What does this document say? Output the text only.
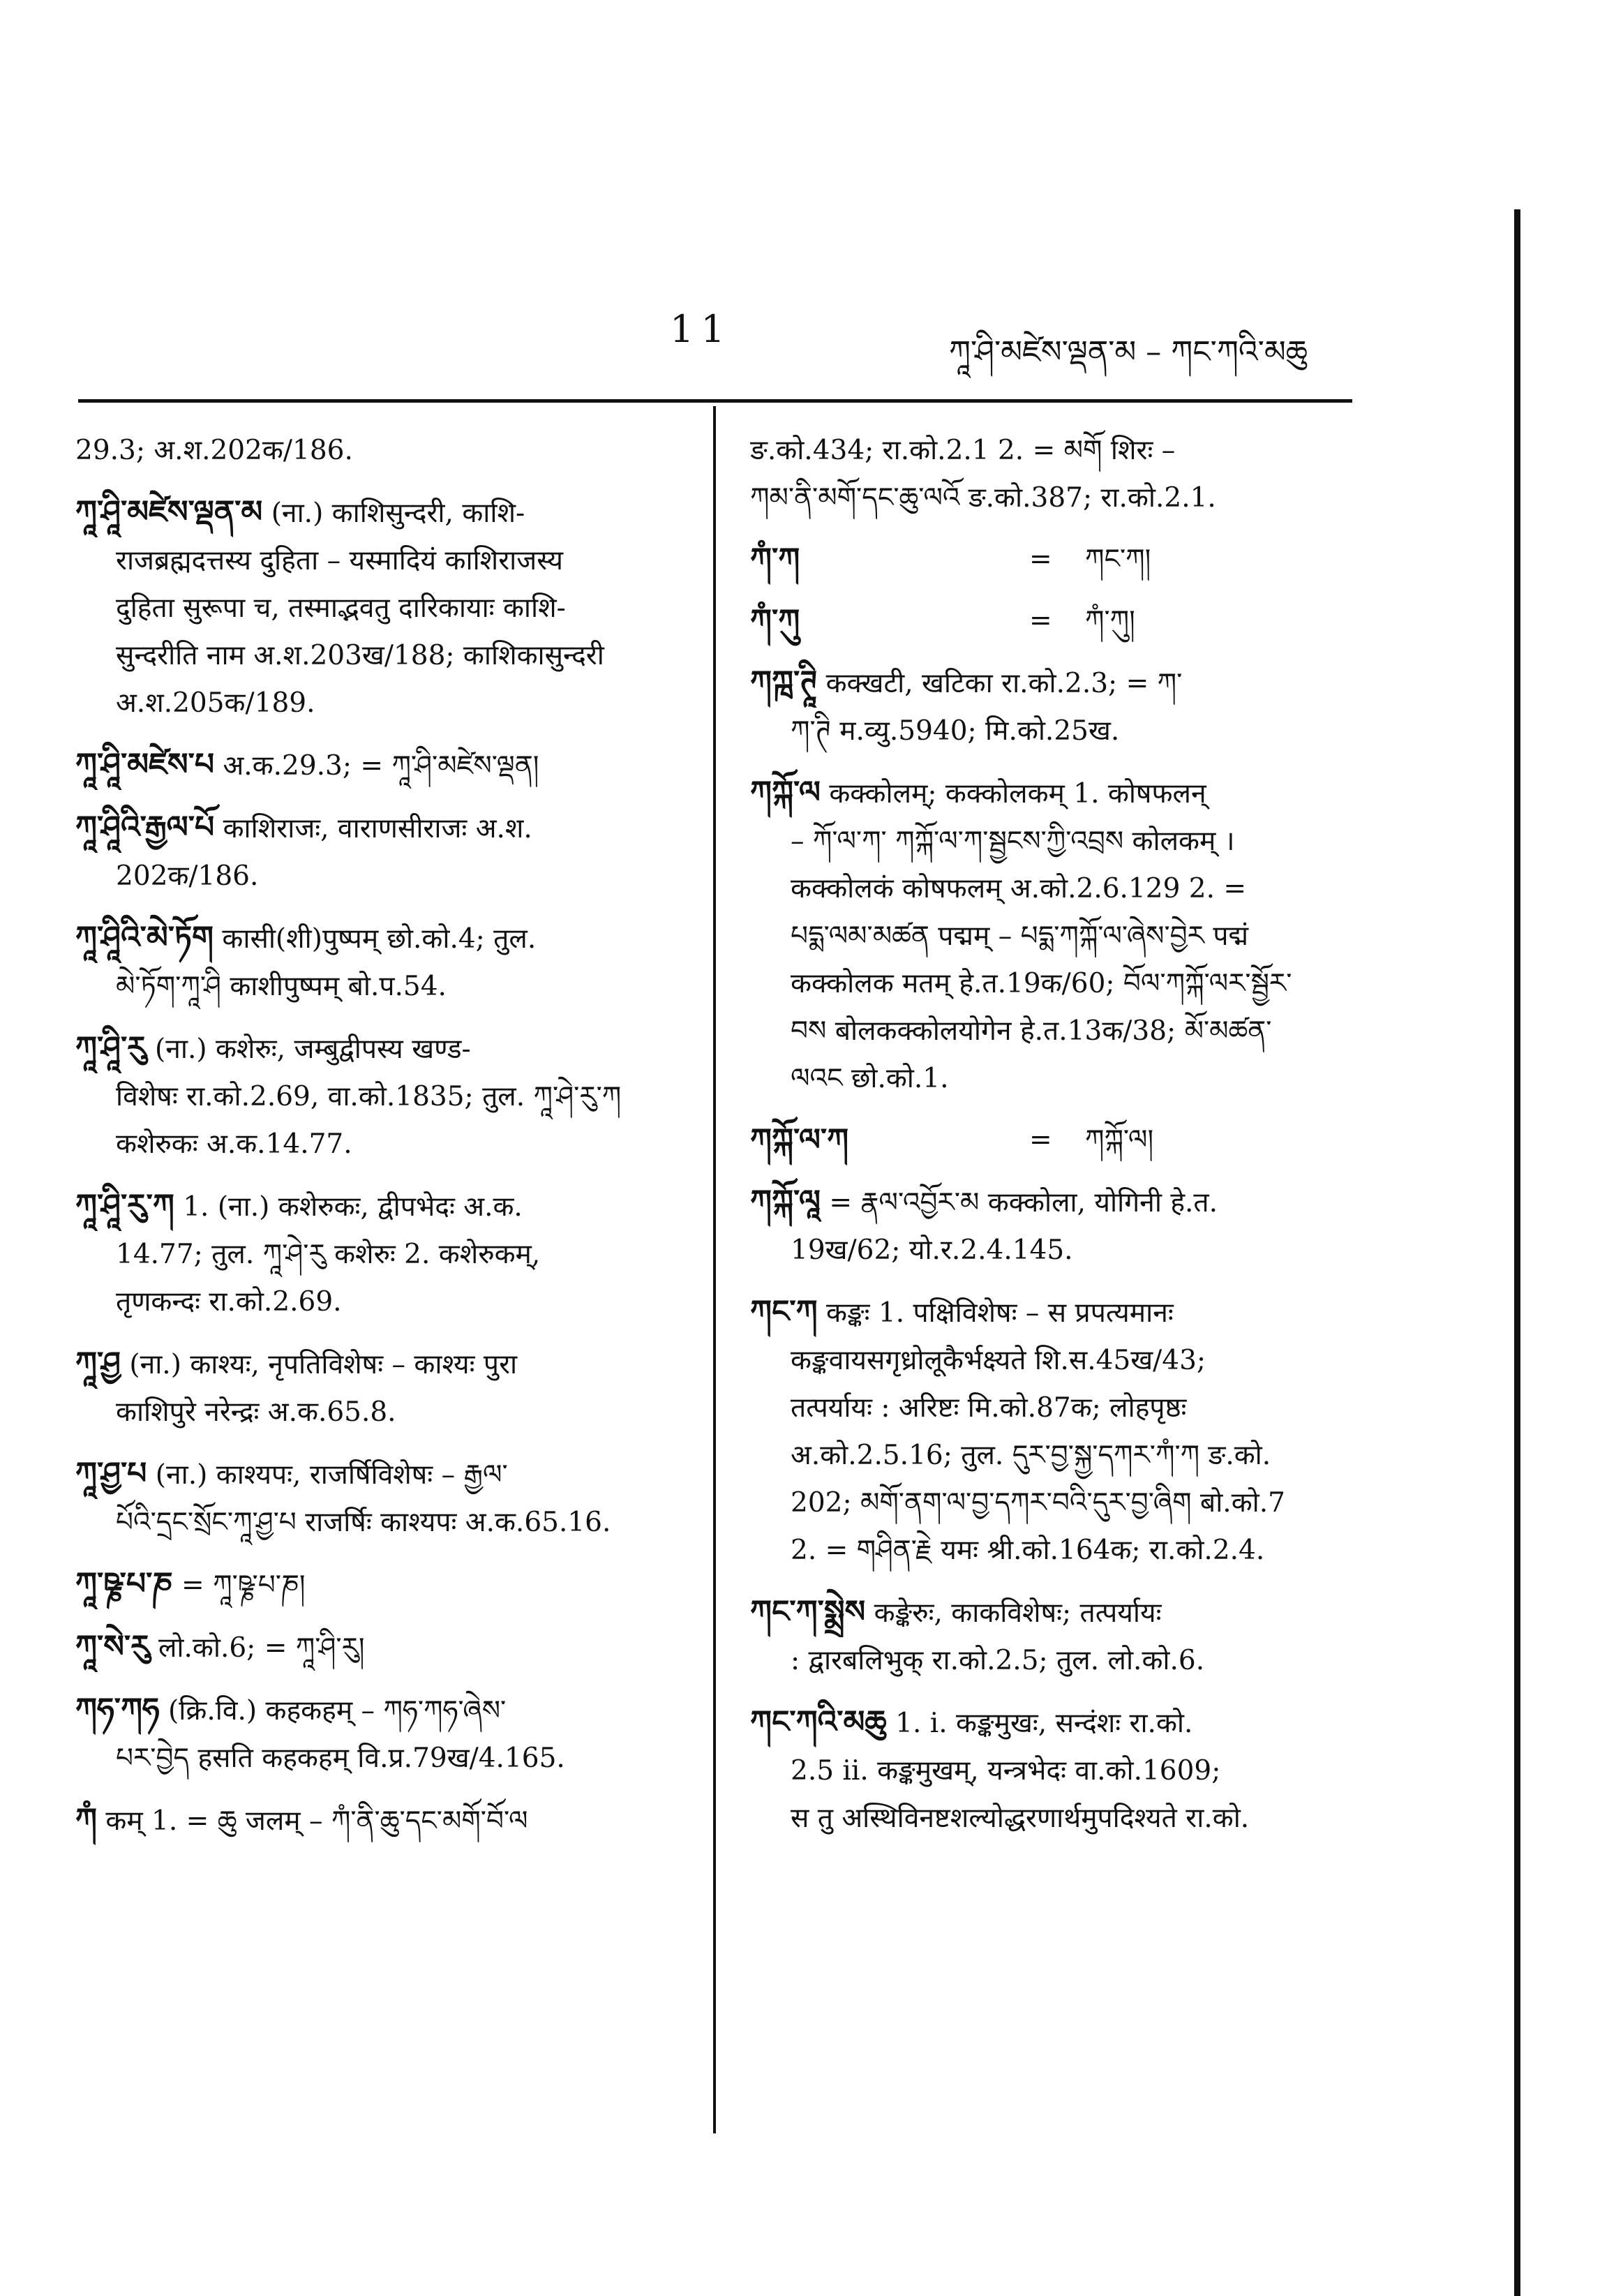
11
ཀཱ་ཤི་མཛེས་ལྡན་མ – ཀང་ཀའི་མཆུ
29.3; अ.श.202क/186.
ཀཱ་ཤཱི་མཛེས་ལྡན་མ (ना.) काशिसुन्दरी, काशि-
राजब्रह्मदत्तस्य दुहिता – यस्मादियं काशिराजस्य
दुहिता सुरूपा च, तस्माद्भवतु दारिकायाः काशि-
सुन्दरीति नाम अ.श.203ख/188; काशिकासुन्दरी
अ.श.205क/189.
ཀཱ་ཤཱི་མཛེས་པ अ.क.29.3; = ཀཱ་ཤི་མཛེས་ལྡན།
ཀཱ་ཤཱིའི་རྒྱལ་པོ काशिराजः, वाराणसीराजः अ.श.
202क/186.
ཀཱ་ཤཱིའི་མེ་ཏོག कासी(शी)पुष्पम् छो.को.4; तुल.
མེ་ཏོག་ཀཱ་ཤི काशीपुष्पम् बो.प.54.
ཀཱ་ཤཱི་རུ (ना.) कशेरुः, जम्बुद्वीपस्य खण्ड-
विशेषः रा.को.2.69, वा.को.1835; तुल. ཀཱ་ཤེ་རུ་ཀ
कशेरुकः अ.क.14.77.
ཀཱ་ཤཱི་རུ་ཀ 1. (ना.) कशेरुकः, द्वीपभेदः अ.क.
14.77; तुल. ཀཱ་ཤེ་རུ कशेरुः 2. कशेरुकम्,
तृणकन्दः रा.को.2.69.
ཀཱ་ཤྱ (ना.) काश्यः, नृपतिविशेषः – काश्यः पुरा
काशिपुरे नरेन्द्रः अ.क.65.8.
ཀཱ་ཤྱ་པ (ना.) काश्यपः, राजर्षिविशेषः – རྒྱལ་
པོའི་དྲང་སྲོང་ཀཱ་ཤྱ་པ राजर्षिः काश्यपः अ.क.65.16.
ཀཱ་ཥྞ་པ་ཎ = ཀཱ་ཥྞ་པ་ཎ།
ཀཱ་སེ་རུ लो.को.6; = ཀཱ་ཤི་རུ།
ཀཧ་ཀཧ (क्रि.वि.) कहकहम् – ཀཧ་ཀཧ་ཞེས་
པར་བྱེད हसति कहकहम् वि.प्र.79ख/4.165.
ཀཾ कम् 1. = ཆུ जलम् – ཀཾ་ནི་ཆུ་དང་མགོ་བོ་ལ
ङ.को.434; रा.को.2.1 2. = མགོ शिरः –
ཀམ་ནི་མགོ་དང་ཆུ་ལའོ ङ.को.387; रा.को.2.1.
ཀཾ་ཀ	=	ཀང་ཀ།
ཀཾ་ཀུ	=	ཀཾ་ཀུ།
ཀཀྑ་ཊཱི कक्खटी, खटिका रा.को.2.3; = ཀ་
ཀ་ཊི म.व्यु.5940; मि.को.25ख.
ཀཀྐོ་ལ कक्कोलम्; कक्कोलकम् 1. कोषफलन्
– ཀོ་ལ་ཀ་ ཀཀྐོ་ལ་ཀ་སྦྱངས་ཀྱི་འབྲས कोलकम् ।
कक्कोलकं कोषफलम् अ.को.2.6.129 2. =
པདྨ་ལམ་མཚན पद्मम् – པདྨ་ཀཀྐོ་ལ་ཞེས་བྱེར पद्मं
कक्कोलक मतम् हे.त.19क/60; བོལ་ཀཀྐོ་ལར་སྦྱོར་
བས बोलकक्कोलयोगेन हे.त.13क/38; མོ་མཚན་
ལའང छो.को.1.
ཀཀྐོ་ལ་ཀ	=	ཀཀྐོ་ལ།
ཀཀྐོ་ལཱ = རྣལ་འབྱོར་མ कक्कोला, योगिनी हे.त.
19ख/62; यो.र.2.4.145.
ཀང་ཀ कङ्कः 1. पक्षिविशेषः – स प्रपत्यमानः
कङ्कवायसगृध्रोलूकैर्भक्ष्यते शि.स.45ख/43;
तत्पर्यायः : अरिष्टः मि.को.87क; लोहपृष्ठः
अ.को.2.5.16; तुल. དུར་བྱ་སྐྱ་དཀར་ཀཾ་ཀ ङ.को.
202; མགོ་ནག་ལ་བྱ་དཀར་བའི་དུར་བྱ་ཞིག बो.को.7
2. = གཤིན་རྗེ यमः श्री.को.164क; रा.को.2.4.
ཀང་ཀ་སྨྲེས कङ्केरुः, काकविशेषः; तत्पर्यायः
: द्वारबलिभुक् रा.को.2.5; तुल. लो.को.6.
ཀང་ཀའི་མཆུ 1. i. कङ्कमुखः, सन्दंशः रा.को.
2.5 ii. कङ्कमुखम्, यन्त्रभेदः वा.को.1609;
स तु अस्थिविनष्टशल्योद्धरणार्थमुपदिश्यते रा.को.
